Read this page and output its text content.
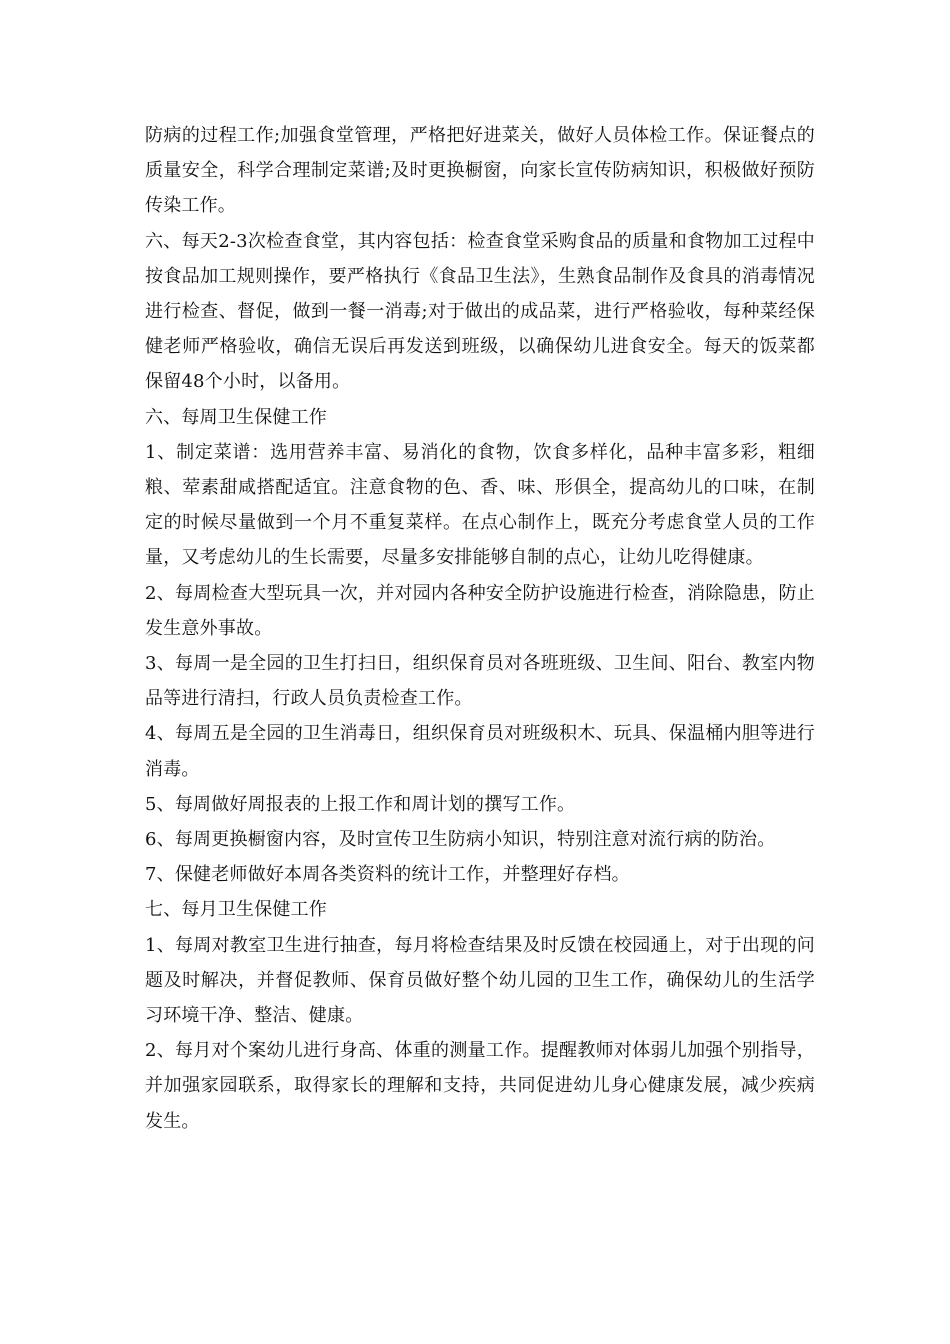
防病的过程工作;加强食堂管理，严格把好进菜关，做好人员体检工作。保证餐点的质量安全，科学合理制定菜谱;及时更换橱窗，向家长宣传防病知识，积极做好预防传染工作。

六、每天2-3次检查食堂，其内容包括：检查食堂采购食品的质量和食物加工过程中按食品加工规则操作，要严格执行《食品卫生法》，生熟食品制作及食具的消毒情况进行检查、督促，做到一餐一消毒;对于做出的成品菜，进行严格验收，每种菜经保健老师严格验收，确信无误后再发送到班级，以确保幼儿进食安全。每天的饭菜都保留48个小时，以备用。

六、每周卫生保健工作

1、制定菜谱：选用营养丰富、易消化的食物，饮食多样化，品种丰富多彩，粗细粮、荤素甜咸搭配适宜。注意食物的色、香、味、形俱全，提高幼儿的口味，在制定的时候尽量做到一个月不重复菜样。在点心制作上，既充分考虑食堂人员的工作量，又考虑幼儿的生长需要，尽量多安排能够自制的点心，让幼儿吃得健康。

2、每周检查大型玩具一次，并对园内各种安全防护设施进行检查，消除隐患，防止发生意外事故。

3、每周一是全园的卫生打扫日，组织保育员对各班班级、卫生间、阳台、教室内物品等进行清扫，行政人员负责检查工作。

4、每周五是全园的卫生消毒日，组织保育员对班级积木、玩具、保温桶内胆等进行消毒。

5、每周做好周报表的上报工作和周计划的撰写工作。

6、每周更换橱窗内容，及时宣传卫生防病小知识，特别注意对流行病的防治。

7、保健老师做好本周各类资料的统计工作，并整理好存档。

七、每月卫生保健工作

1、每周对教室卫生进行抽查，每月将检查结果及时反馈在校园通上，对于出现的问题及时解决，并督促教师、保育员做好整个幼儿园的卫生工作，确保幼儿的生活学习环境干净、整洁、健康。

2、每月对个案幼儿进行身高、体重的测量工作。提醒教师对体弱儿加强个别指导，并加强家园联系，取得家长的理解和支持，共同促进幼儿身心健康发展，减少疾病发生。
